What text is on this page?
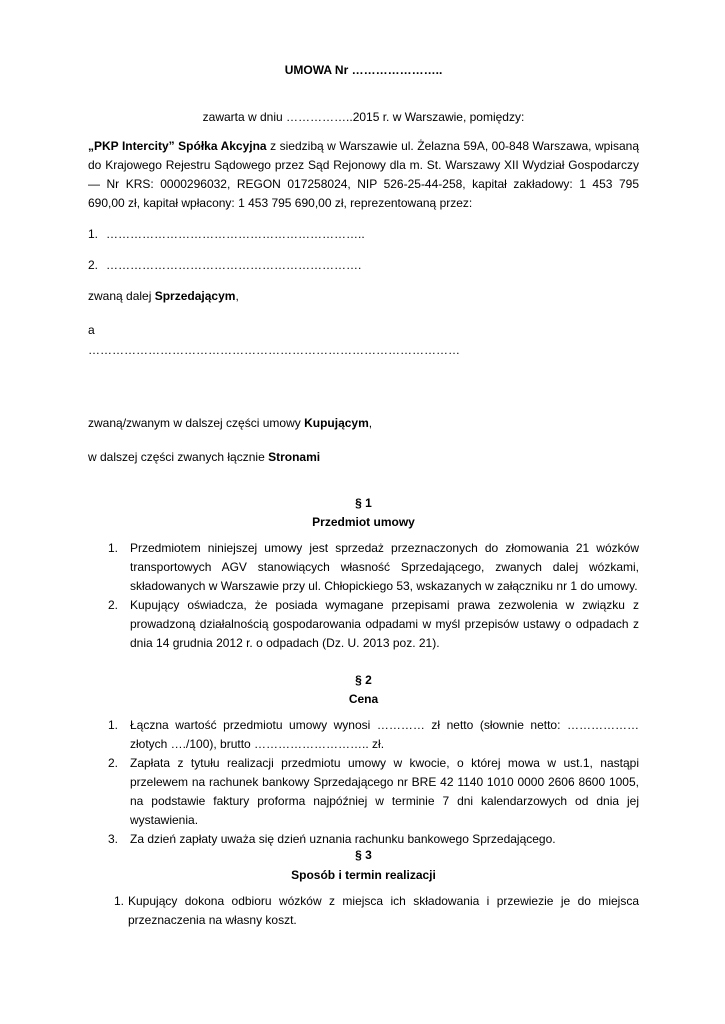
UMOWA Nr …………………..
zawarta w dniu ……………..2015 r. w Warszawie, pomiędzy:
„PKP Intercity” Spółka Akcyjna z siedzibą w Warszawie ul. Żelazna 59A, 00-848 Warszawa, wpisaną do Krajowego Rejestru Sądowego przez Sąd Rejonowy dla m. St. Warszawy XII Wydział Gospodarczy — Nr KRS: 0000296032, REGON 017258024, NIP 526-25-44-258, kapitał zakładowy: 1 453 795 690,00 zł, kapitał wpłacony: 1 453 795 690,00 zł, reprezentowaną przez:
1. ………………………………………………………..
2. ……………………………………………………….
zwaną dalej Sprzedającym,
a
…………………………………………………………………………………
zwaną/zwanym w dalszej części umowy Kupującym,
w dalszej części zwanych łącznie Stronami
§ 1
Przedmiot umowy
1. Przedmiotem niniejszej umowy jest sprzedaż przeznaczonych do złomowania 21 wózków transportowych AGV stanowiących własność Sprzedającego, zwanych dalej wózkami, składowanych w Warszawie przy ul. Chłopickiego 53, wskazanych w załączniku nr 1 do umowy.
2. Kupujący oświadcza, że posiada wymagane przepisami prawa zezwolenia w związku z prowadzoną działalnością gospodarowania odpadami w myśl przepisów ustawy o odpadach z dnia 14 grudnia 2012 r. o odpadach (Dz. U. 2013 poz. 21).
§ 2
Cena
1. Łączna wartość przedmiotu umowy wynosi ………… zł netto (słownie netto: ……………… złotych …./100), brutto ……………………….. zł.
2. Zapłata z tytułu realizacji przedmiotu umowy w kwocie, o której mowa w ust.1, nastąpi przelewem na rachunek bankowy Sprzedającego nr BRE 42 1140 1010 0000 2606 8600 1005, na podstawie faktury proforma najpóźniej w terminie 7 dni kalendarzowych od dnia jej wystawienia.
3. Za dzień zapłaty uważa się dzień uznania rachunku bankowego Sprzedającego.
§ 3
Sposób i termin realizacji
1. Kupujący dokona odbioru wózków z miejsca ich składowania i przewiezie je do miejsca przeznaczenia na własny koszt.
